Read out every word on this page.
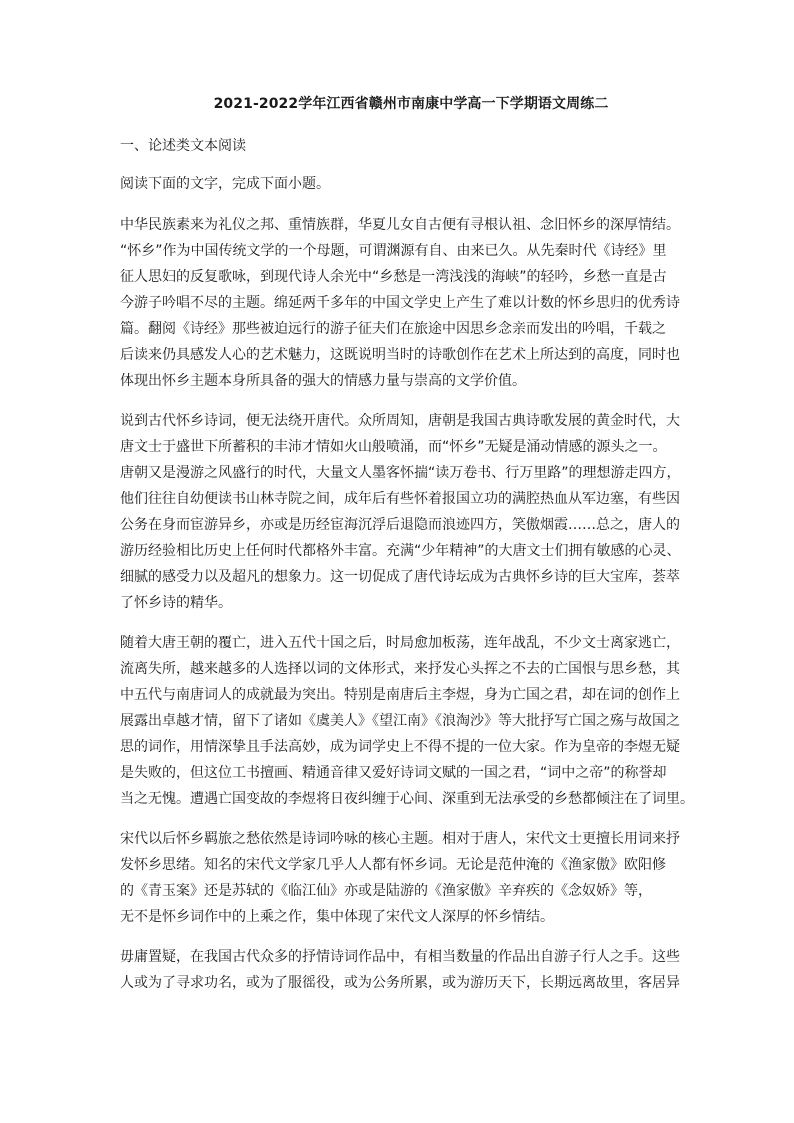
2021-2022学年江西省赣州市南康中学高一下学期语文周练二
一、论述类文本阅读
阅读下面的文字，完成下面小题。
中华民族素来为礼仪之邦、重情族群，华夏儿女自古便有寻根认祖、念旧怀乡的深厚情结。
“怀乡”作为中国传统文学的一个母题，可谓渊源有自、由来已久。从先秦时代《诗经》里
征人思妇的反复歌咏，到现代诗人余光中“乡愁是一湾浅浅的海峡”的轻吟，乡愁一直是古
今游子吟唱不尽的主题。绵延两千多年的中国文学史上产生了难以计数的怀乡思归的优秀诗
篇。翻阅《诗经》那些被迫远行的游子征夫们在旅途中因思乡念亲而发出的吟唱，千载之
后读来仍具感发人心的艺术魅力，这既说明当时的诗歌创作在艺术上所达到的高度，同时也
体现出怀乡主题本身所具备的强大的情感力量与崇高的文学价值。
说到古代怀乡诗词，便无法绕开唐代。众所周知，唐朝是我国古典诗歌发展的黄金时代，大
唐文士于盛世下所蓄积的丰沛才情如火山般喷涌，而“怀乡”无疑是涌动情感的源头之一。
唐朝又是漫游之风盛行的时代，大量文人墨客怀揣“读万卷书、行万里路”的理想游走四方，
他们往往自幼便读书山林寺院之间，成年后有些怀着报国立功的满腔热血从军边塞，有些因
公务在身而宦游异乡，亦或是历经宦海沉浮后退隐而浪迹四方，笑傲烟霞……总之，唐人的
游历经验相比历史上任何时代都格外丰富。充满“少年精神”的大唐文士们拥有敏感的心灵、
细腻的感受力以及超凡的想象力。这一切促成了唐代诗坛成为古典怀乡诗的巨大宝库，荟萃
了怀乡诗的精华。
随着大唐王朝的覆亡，进入五代十国之后，时局愈加板荡，连年战乱，不少文士离家逃亡，
流离失所，越来越多的人选择以词的文体形式，来抒发心头挥之不去的亡国恨与思乡愁，其
中五代与南唐词人的成就最为突出。特别是南唐后主李煜，身为亡国之君，却在词的创作上
展露出卓越才情，留下了诸如《虞美人》《望江南》《浪淘沙》等大批抒写亡国之殇与故国之
思的词作，用情深挚且手法高妙，成为词学史上不得不提的一位大家。作为皇帝的李煜无疑
是失败的，但这位工书擅画、精通音律又爱好诗词文赋的一国之君，“词中之帝”的称誉却
当之无愧。遭遇亡国变故的李煜将日夜纠缠于心间、深重到无法承受的乡愁都倾注在了词里。
宋代以后怀乡羁旅之愁依然是诗词吟咏的核心主题。相对于唐人，宋代文士更擅长用词来抒
发怀乡思绪。知名的宋代文学家几乎人人都有怀乡词。无论是范仲淹的《渔家傲》欧阳修
的《青玉案》还是苏轼的《临江仙》亦或是陆游的《渔家傲》辛弃疾的《念奴娇》等，
无不是怀乡词作中的上乘之作，集中体现了宋代文人深厚的怀乡情结。
毋庸置疑，在我国古代众多的抒情诗词作品中，有相当数量的作品出自游子行人之手。这些
人或为了寻求功名，或为了服徭役，或为公务所累，或为游历天下，长期远离故里，客居异
